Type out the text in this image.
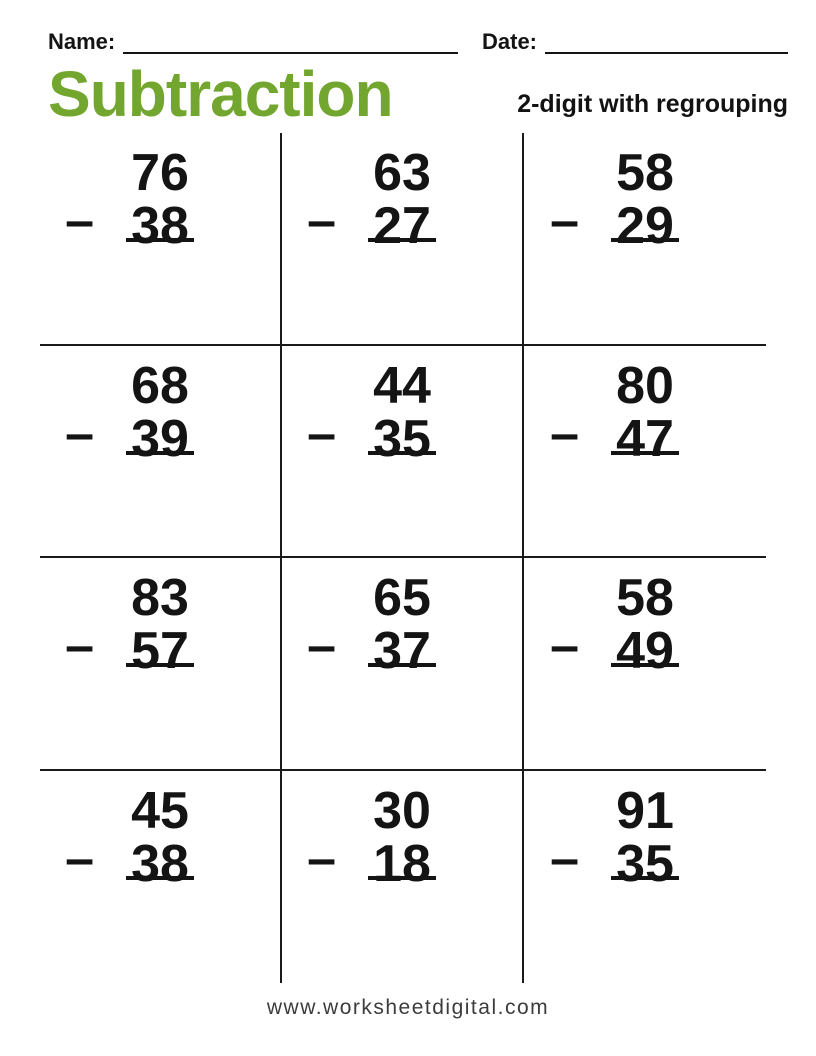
Name:	Date:
Subtraction	2-digit with regrouping
–
76
38 –
63
27 –
58
29
–
68
39 –
44
35 –
80
47
–
83
57 –
65
37 –
58
49
–
45
38 –
30
18 –
91
35
www.worksheetdigital.com
